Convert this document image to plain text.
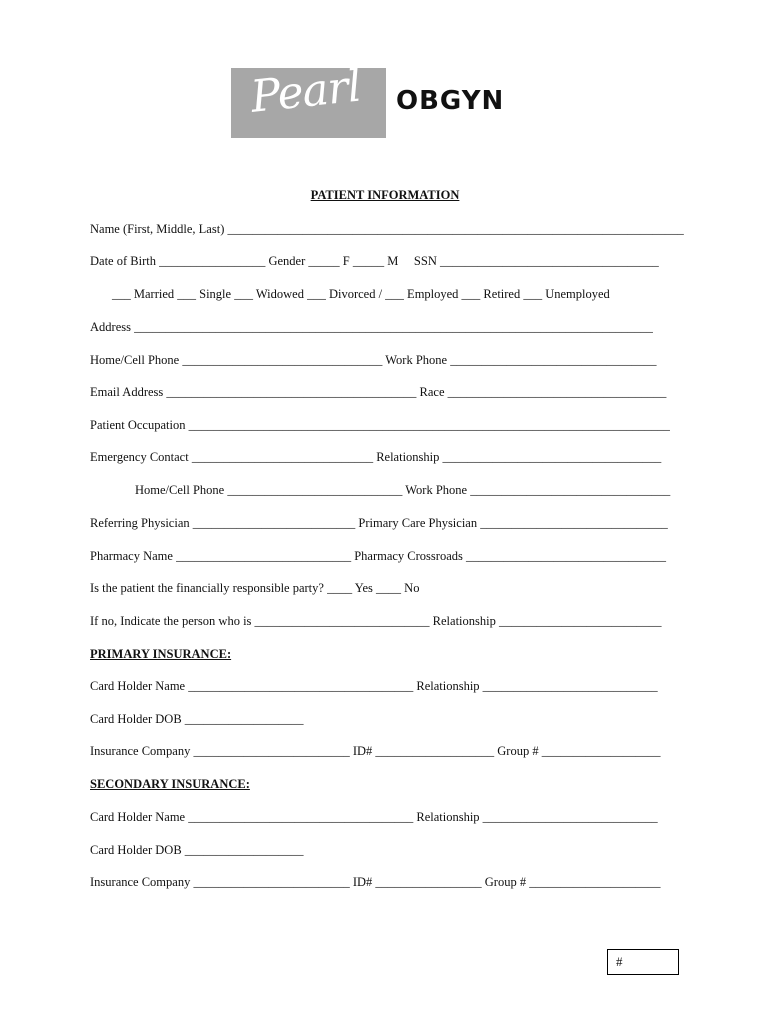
Pearl OBGYN
PATIENT INFORMATION
Name (First, Middle, Last) _________________________________________________________________________
Date of Birth _________________ Gender _____ F _____ M     SSN ___________________________________
___ Married ___ Single ___ Widowed ___ Divorced / ___ Employed ___ Retired ___ Unemployed
Address ___________________________________________________________________________________
Home/Cell Phone ________________________________ Work Phone _________________________________
Email Address ________________________________________ Race ___________________________________
Patient Occupation _____________________________________________________________________________
Emergency Contact _____________________________ Relationship ___________________________________
Home/Cell Phone ____________________________ Work Phone ________________________________
Referring Physician __________________________ Primary Care Physician ______________________________
Pharmacy Name ____________________________ Pharmacy Crossroads ________________________________
Is the patient the financially responsible party? ____ Yes ____ No
If no, Indicate the person who is ____________________________ Relationship __________________________
PRIMARY INSURANCE:
Card Holder Name ____________________________________ Relationship ____________________________
Card Holder DOB ___________________
Insurance Company _________________________ ID# ___________________ Group # ___________________
SECONDARY INSURANCE:
Card Holder Name ____________________________________ Relationship ____________________________
Card Holder DOB ___________________
Insurance Company _________________________ ID# _________________ Group # _____________________
#
